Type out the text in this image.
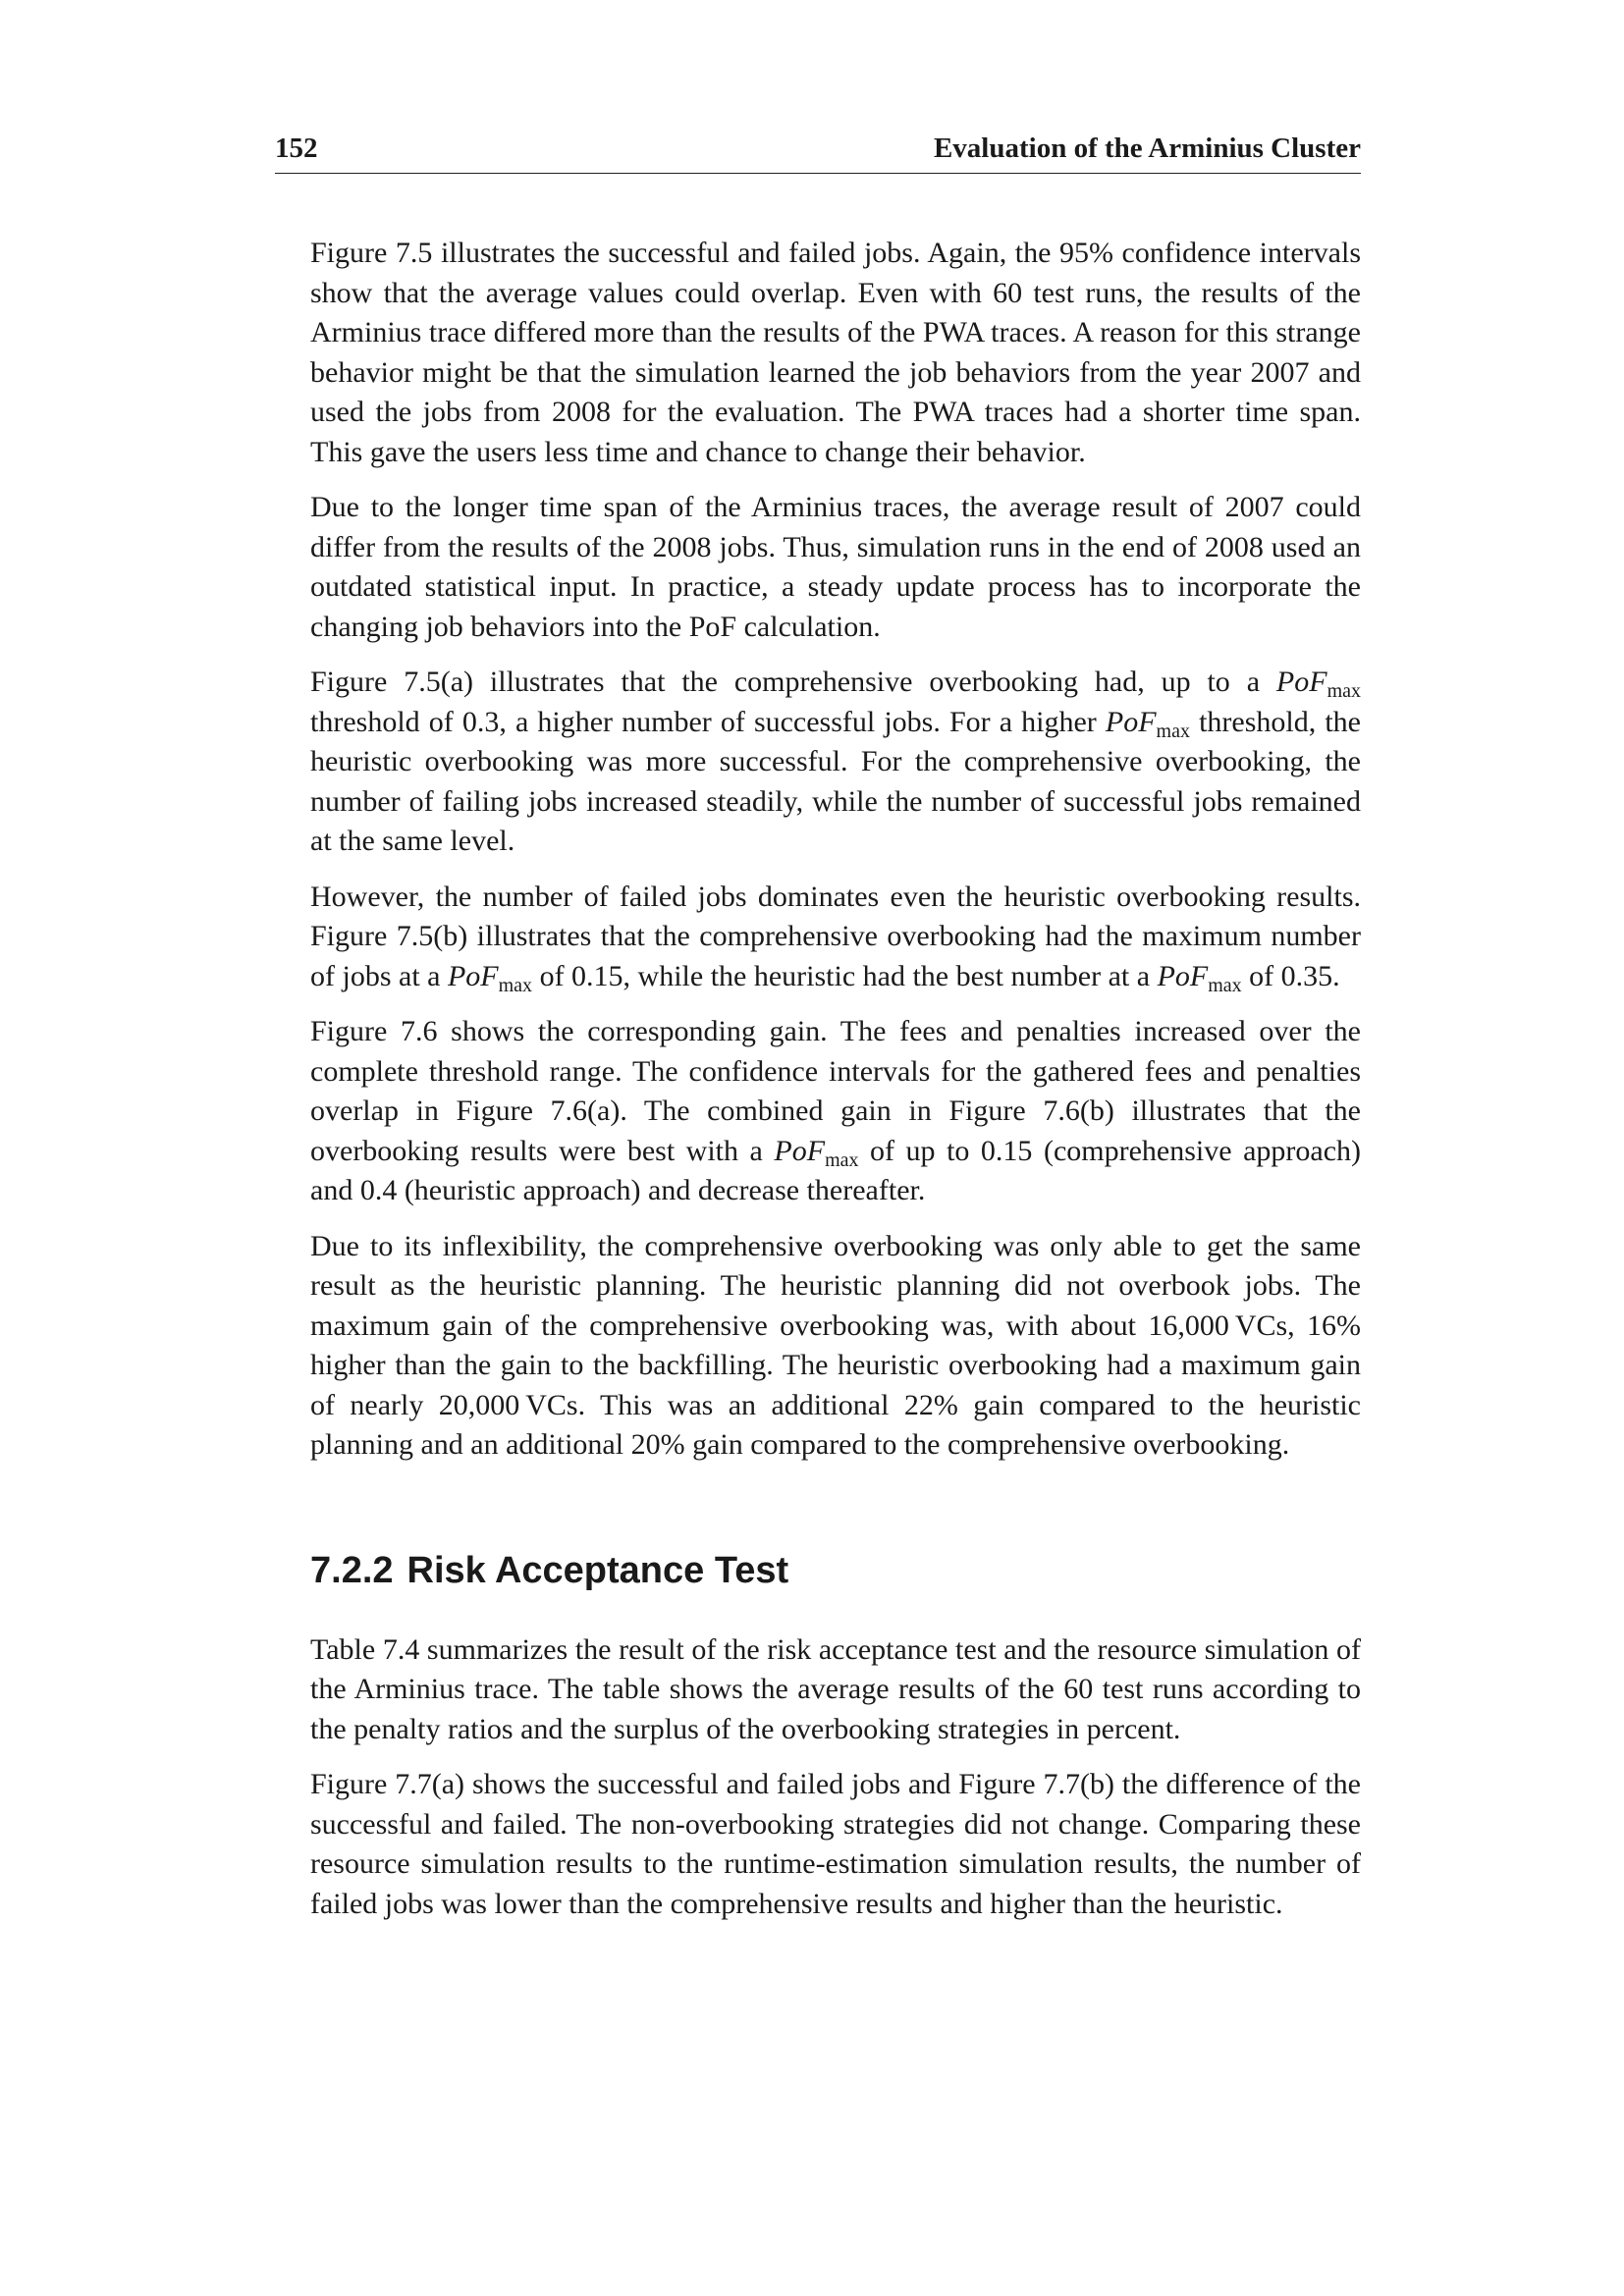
152	Evaluation of the Arminius Cluster

Figure 7.5 illustrates the successful and failed jobs. Again, the 95% confidence intervals show that the average values could overlap. Even with 60 test runs, the results of the Arminius trace differed more than the results of the PWA traces. A reason for this strange behavior might be that the simulation learned the job behaviors from the year 2007 and used the jobs from 2008 for the evaluation. The PWA traces had a shorter time span. This gave the users less time and chance to change their behavior.

Due to the longer time span of the Arminius traces, the average result of 2007 could differ from the results of the 2008 jobs. Thus, simulation runs in the end of 2008 used an outdated statistical input. In practice, a steady update process has to incorporate the changing job behaviors into the PoF calculation.

Figure 7.5(a) illustrates that the comprehensive overbooking had, up to a PoF$_{max}$ threshold of 0.3, a higher number of successful jobs. For a higher PoF$_{max}$ threshold, the heuristic overbooking was more successful. For the comprehensive overbooking, the number of failing jobs increased steadily, while the number of successful jobs remained at the same level.

However, the number of failed jobs dominates even the heuristic overbooking results. Figure 7.5(b) illustrates that the comprehensive overbooking had the maximum number of jobs at a PoF$_{max}$ of 0.15, while the heuristic had the best number at a PoF$_{max}$ of 0.35.

Figure 7.6 shows the corresponding gain. The fees and penalties increased over the complete threshold range. The confidence intervals for the gathered fees and penalties overlap in Figure 7.6(a). The combined gain in Figure 7.6(b) illustrates that the overbooking results were best with a PoF$_{max}$ of up to 0.15 (comprehensive approach) and 0.4 (heuristic approach) and decrease thereafter.

Due to its inflexibility, the comprehensive overbooking was only able to get the same result as the heuristic planning. The heuristic planning did not overbook jobs. The maximum gain of the comprehensive overbooking was, with about 16,000 VCs, 16% higher than the gain to the backfilling. The heuristic overbooking had a maximum gain of nearly 20,000 VCs. This was an additional 22% gain compared to the heuristic planning and an additional 20% gain compared to the comprehensive overbooking.

7.2.2 Risk Acceptance Test

Table 7.4 summarizes the result of the risk acceptance test and the resource simulation of the Arminius trace. The table shows the average results of the 60 test runs according to the penalty ratios and the surplus of the overbooking strategies in percent.

Figure 7.7(a) shows the successful and failed jobs and Figure 7.7(b) the difference of the successful and failed. The non-overbooking strategies did not change. Comparing these resource simulation results to the runtime-estimation simulation results, the number of failed jobs was lower than the comprehensive results and higher than the heuristic.
